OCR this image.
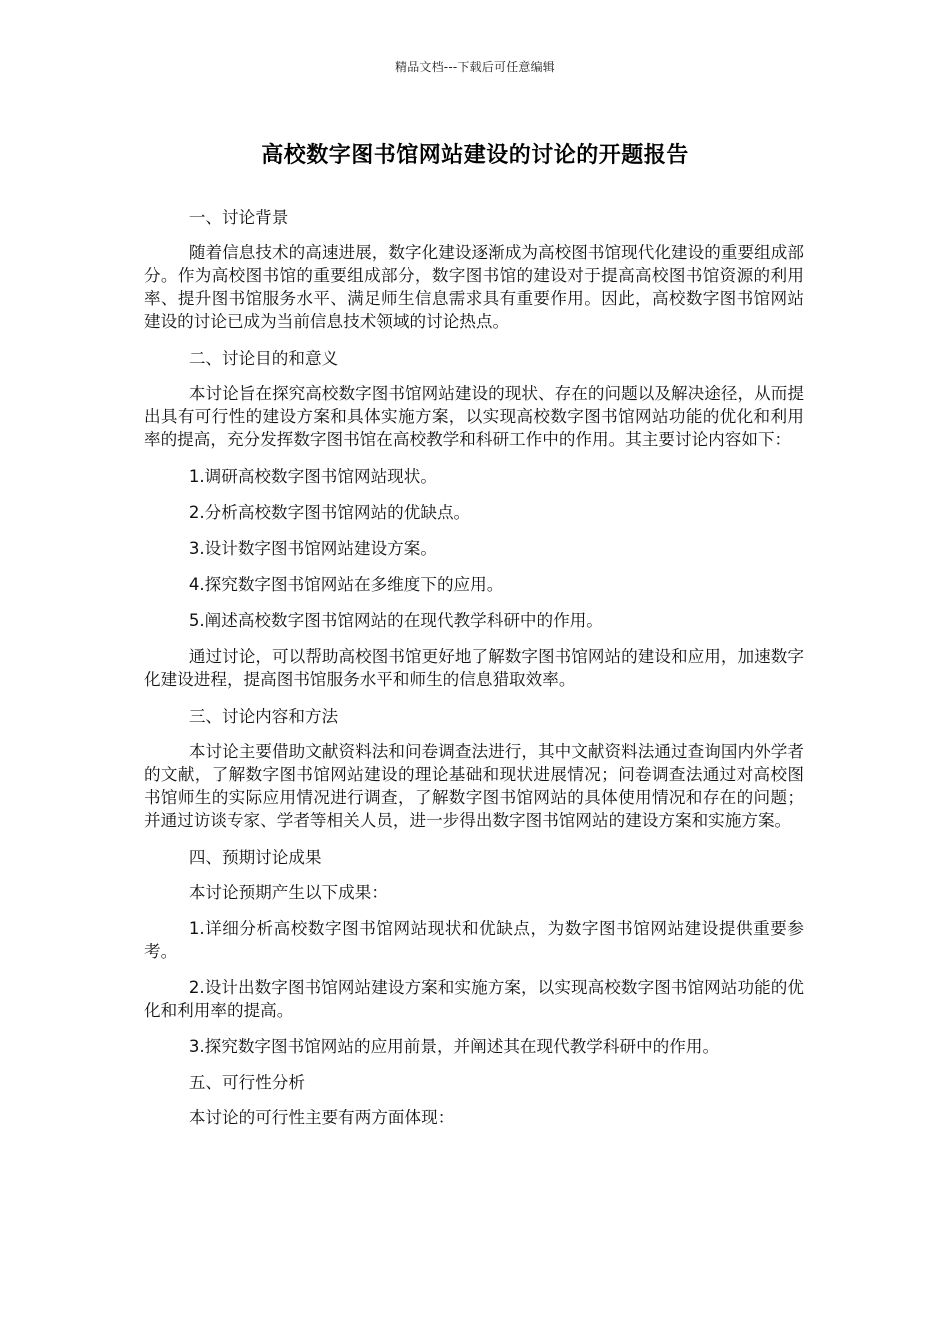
精品文档---下载后可任意编辑
高校数字图书馆网站建设的讨论的开题报告

一、讨论背景

随着信息技术的高速进展，数字化建设逐渐成为高校图书馆现代化建设的重要组成部分。作为高校图书馆的重要组成部分，数字图书馆的建设对于提高高校图书馆资源的利用率、提升图书馆服务水平、满足师生信息需求具有重要作用。因此，高校数字图书馆网站建设的讨论已成为当前信息技术领域的讨论热点。

二、讨论目的和意义

本讨论旨在探究高校数字图书馆网站建设的现状、存在的问题以及解决途径，从而提出具有可行性的建设方案和具体实施方案，以实现高校数字图书馆网站功能的优化和利用率的提高，充分发挥数字图书馆在高校教学和科研工作中的作用。其主要讨论内容如下：

1.调研高校数字图书馆网站现状。

2.分析高校数字图书馆网站的优缺点。

3.设计数字图书馆网站建设方案。

4.探究数字图书馆网站在多维度下的应用。

5.阐述高校数字图书馆网站的在现代教学科研中的作用。

通过讨论，可以帮助高校图书馆更好地了解数字图书馆网站的建设和应用，加速数字化建设进程，提高图书馆服务水平和师生的信息猎取效率。

三、讨论内容和方法

本讨论主要借助文献资料法和问卷调查法进行，其中文献资料法通过查询国内外学者的文献，了解数字图书馆网站建设的理论基础和现状进展情况；问卷调查法通过对高校图书馆师生的实际应用情况进行调查，了解数字图书馆网站的具体使用情况和存在的问题；并通过访谈专家、学者等相关人员，进一步得出数字图书馆网站的建设方案和实施方案。

四、预期讨论成果

本讨论预期产生以下成果：

1.详细分析高校数字图书馆网站现状和优缺点，为数字图书馆网站建设提供重要参考。

2.设计出数字图书馆网站建设方案和实施方案，以实现高校数字图书馆网站功能的优化和利用率的提高。

3.探究数字图书馆网站的应用前景，并阐述其在现代教学科研中的作用。

五、可行性分析

本讨论的可行性主要有两方面体现：
